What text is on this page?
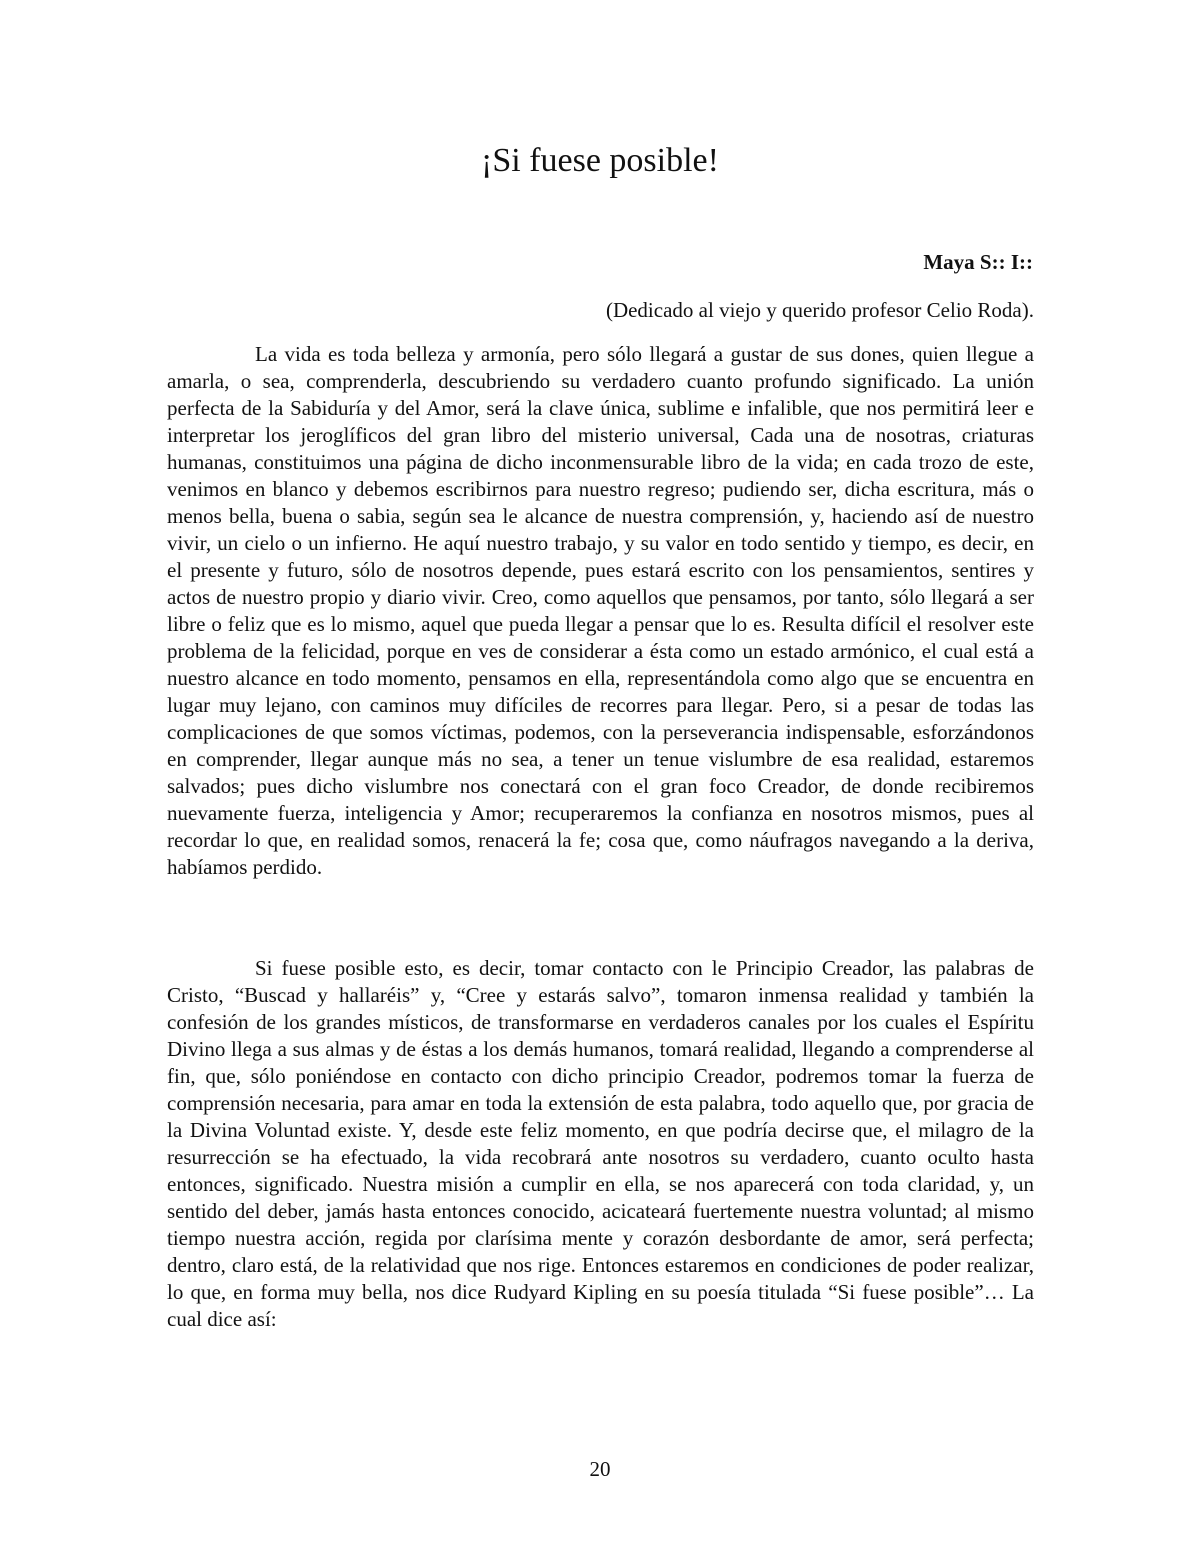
¡Si fuese posible!
Maya S:: I::
(Dedicado al viejo y querido profesor Celio Roda).

La vida es toda belleza y armonía, pero sólo llegará a gustar de sus dones, quien llegue a amarla, o sea, comprenderla, descubriendo su verdadero cuanto profundo significado. La unión perfecta de la Sabiduría y del Amor, será la clave única, sublime e infalible, que nos permitirá leer e interpretar los jeroglíficos del gran libro del misterio universal, Cada una de nosotras, criaturas humanas, constituimos una página de dicho inconmensurable libro de la vida; en cada trozo de este, venimos en blanco y debemos escribirnos para nuestro regreso; pudiendo ser, dicha escritura, más o menos bella, buena o sabia, según sea le alcance de nuestra comprensión, y, haciendo así de nuestro vivir, un cielo o un infierno. He aquí nuestro trabajo, y su valor en todo sentido y tiempo, es decir, en el presente y futuro, sólo de nosotros depende, pues estará escrito con los pensamientos, sentires y actos de nuestro propio y diario vivir. Creo, como aquellos que pensamos, por tanto, sólo llegará a ser libre o feliz que es lo mismo, aquel que pueda llegar a pensar que lo es. Resulta difícil el resolver este problema de la felicidad, porque en ves de considerar a ésta como un estado armónico, el cual está a nuestro alcance en todo momento, pensamos en ella, representándola como algo que se encuentra en lugar muy lejano, con caminos muy difíciles de recorres para llegar. Pero, si a pesar de todas las complicaciones de que somos víctimas, podemos, con la perseverancia indispensable, esforzándonos en comprender, llegar aunque más no sea, a tener un tenue vislumbre de esa realidad, estaremos salvados; pues dicho vislumbre nos conectará con el gran foco Creador, de donde recibiremos nuevamente fuerza, inteligencia y Amor; recuperaremos la confianza en nosotros mismos, pues al recordar lo que, en realidad somos, renacerá la fe; cosa que, como náufragos navegando a la deriva, habíamos perdido.

Si fuese posible esto, es decir, tomar contacto con le Principio Creador, las palabras de Cristo, “Buscad y hallaréis” y, “Cree y estarás salvo”, tomaron inmensa realidad y también la confesión de los grandes místicos, de transformarse en verdaderos canales por los cuales el Espíritu Divino llega a sus almas y de éstas a los demás humanos, tomará realidad, llegando a comprenderse al fin, que, sólo poniéndose en contacto con dicho principio Creador, podremos tomar la fuerza de comprensión necesaria, para amar en toda la extensión de esta palabra, todo aquello que, por gracia de la Divina Voluntad existe. Y, desde este feliz momento, en que podría decirse que, el milagro de la resurrección se ha efectuado, la vida recobrará ante nosotros su verdadero, cuanto oculto hasta entonces, significado. Nuestra misión a cumplir en ella, se nos aparecerá con toda claridad, y, un sentido del deber, jamás hasta entonces conocido, acicateará fuertemente nuestra voluntad; al mismo tiempo nuestra acción, regida por clarísima mente y corazón desbordante de amor, será perfecta; dentro, claro está, de la relatividad que nos rige. Entonces estaremos en condiciones de poder realizar, lo que, en forma muy bella, nos dice Rudyard Kipling en su poesía titulada “Si fuese posible”… La cual dice así:

20
